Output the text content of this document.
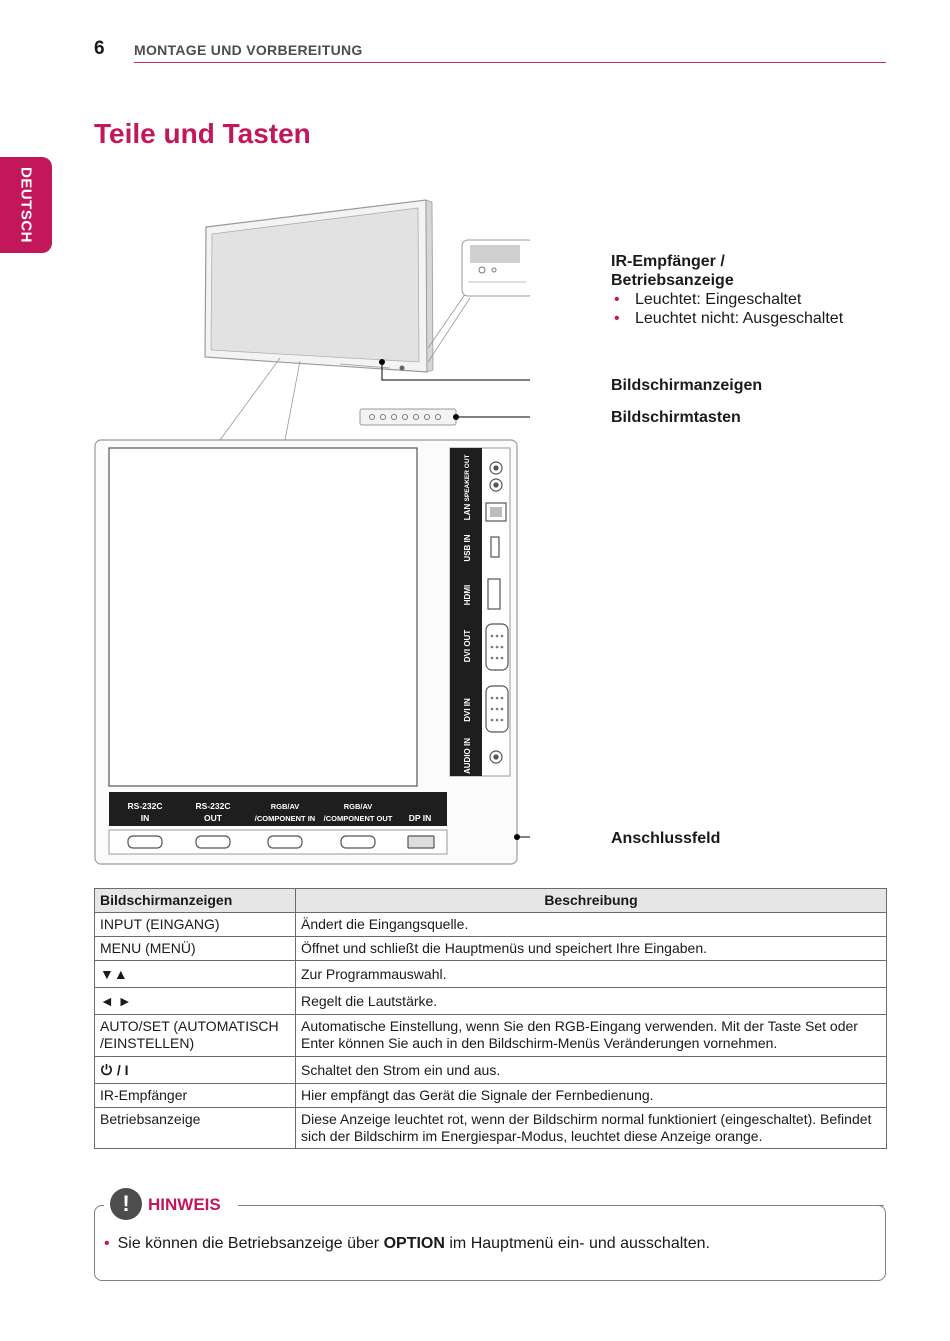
6 MONTAGE UND VORBEREITUNG
DEUTSCH
Teile und Tasten
SPEAKER OUT
LAN
USB IN
HDMI
DVI OUT
DVI IN
AUDIO IN
RS-232C
IN
RS-232C
OUT
RGB/AV
/COMPONENT IN
RGB/AV
/COMPONENT OUT DP IN
IR-Empfänger /
Betriebsanzeige
• Leuchtet: Eingeschaltet
• Leuchtet nicht: Ausgeschaltet
Bildschirmanzeigen
Bildschirmtasten
Anschlussfeld
Bildschirmanzeigen	Beschreibung
INPUT (EINGANG)	Ändert die Eingangsquelle.
MENU (MENÜ)	Öffnet und schließt die Hauptmenüs und speichert Ihre Eingaben.
▼▲	Zur Programmauswahl.
◄ ►	Regelt die Lautstärke.
AUTO/SET (AUTOMATISCH /EINSTELLEN)	Automatische Einstellung, wenn Sie den RGB-Eingang verwenden. Mit der Taste Set oder Enter können Sie auch in den Bildschirm-Menüs Veränderungen vornehmen.
/ I	Schaltet den Strom ein und aus.
IR-Empfänger	Hier empfängt das Gerät die Signale der Fernbedienung.
Betriebsanzeige	Diese Anzeige leuchtet rot, wenn der Bildschirm normal funktioniert (eingeschaltet). Befindet sich der Bildschirm im Energiespar-Modus, leuchtet diese Anzeige orange.
!	HINWEIS
• Sie können die Betriebsanzeige über OPTION im Hauptmenü ein- und ausschalten.
